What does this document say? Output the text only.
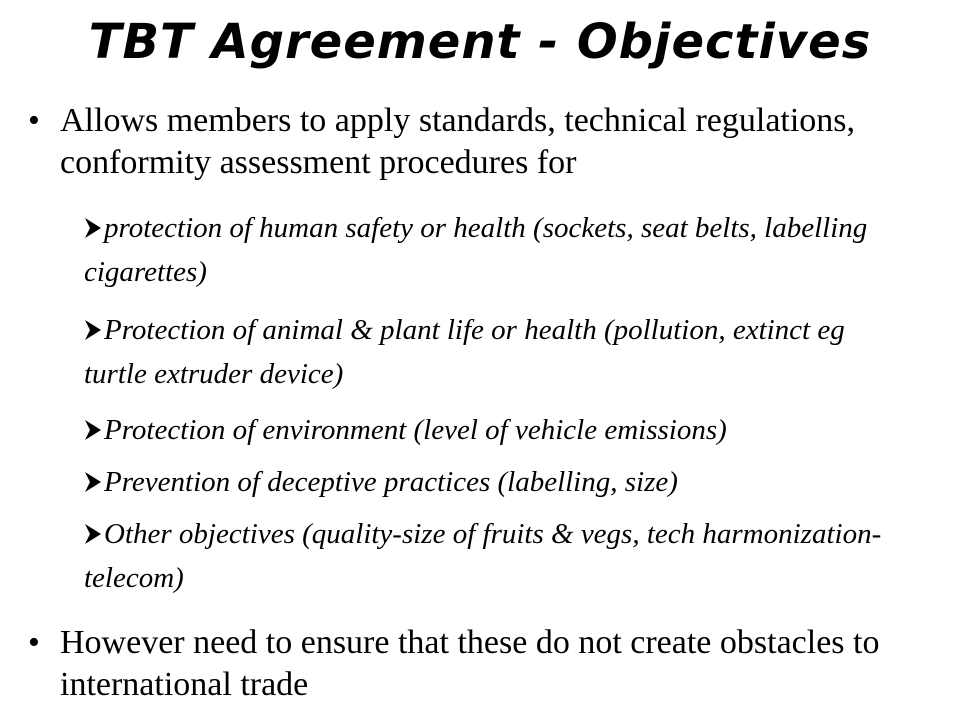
TBT Agreement - Objectives
• Allows members to apply standards, technical regulations, conformity assessment procedures for
protection of human safety or health (sockets, seat belts, labelling cigarettes)
Protection of animal & plant life or health (pollution, extinct eg turtle extruder device)
Protection of environment (level of vehicle emissions)
Prevention of deceptive practices (labelling, size)
Other objectives (quality-size of fruits & vegs, tech harmonization-telecom)
• However need to ensure that these do not create obstacles to international trade
